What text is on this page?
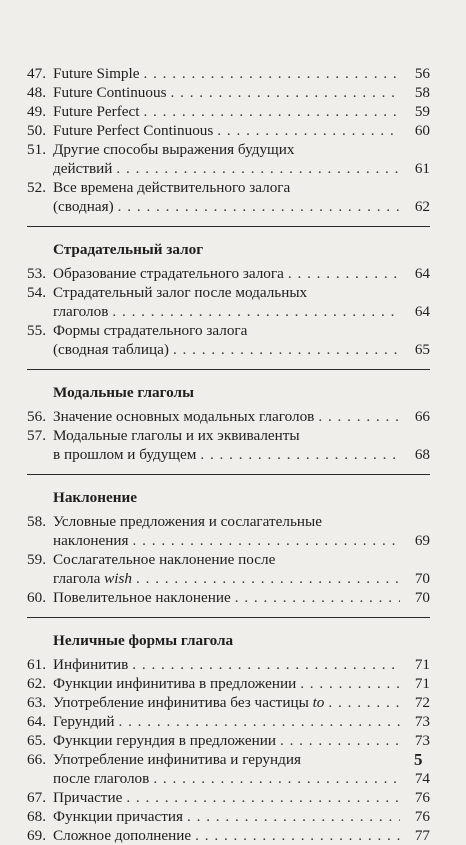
47. Future Simple . . .	56
48. Future Continuous . . .	58
49. Future Perfect . . .	59
50. Future Perfect Continuous . . .	60
51. Другие способы выражения будущих
действий . . .	61
52. Все времена действительного залога
(сводная) . . .	62
Страдательный залог
53. Образование страдательного залога . . .	64
54. Страдательный залог после модальных
глаголов . . .	64
55. Формы страдательного залога
(сводная таблица) . . .	65
Модальные глаголы
56. Значение основных модальных глаголов . . .	66
57. Модальные глаголы и их эквиваленты
в прошлом и будущем . . .	68
Наклонение
58. Условные предложения и сослагательные
наклонения . . .	69
59. Сослагательное наклонение после
глагола wish . . .	70
60. Повелительное наклонение . . .	70
Неличные формы глагола
61. Инфинитив . . .	71
62. Функции инфинитива в предложении . . .	71
63. Употребление инфинитива без частицы to . . .	72
64. Герундий . . .	73
65. Функции герундия в предложении . . .	73
66. Употребление инфинитива и герундия
после глаголов . . .	74
67. Причастие . . .	76
68. Функции причастия . . .	76
69. Сложное дополнение . . .	77
5
